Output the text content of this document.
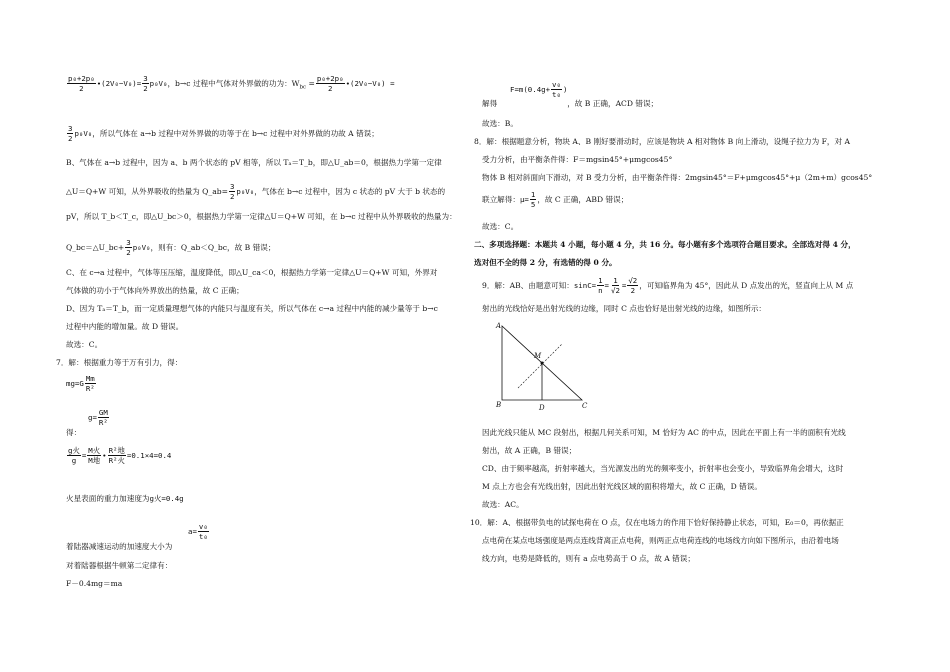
$\frac{\text{p₀+2p₀}}{2}$ •(2V₀−V₀)= $\frac{3}{2} p_0V_0$，b→c 过程中气体对外界做的功为：$W_{bc} = \frac{\text{p₀+2p₀}}{2}$ •(2V₀−V₀) =
$\frac{3}{2} p_0V_0$，所以气体在 a→b 过程中对外界做的功等于在 b→c 过程中对外界做的功故 A 错误；
B、气体在 a→b 过程中，因为 a、b 两个状态的 pV 相等，所以 Tₐ＝T_b，即△U_ab＝0，根据热力学第一定律
△U＝Q+W 可知，从外界吸收的热量为 Q_ab= $\frac{3}{2} p_0V_0$，气体在 b→c 过程中，因为 c 状态的 pV 大于 b 状态的
pV，所以 T_b＜T_c，即△U_bc＞0，根据热力学第一定律△U＝Q+W 可知，在 b→c 过程中从外界吸收的热量为：
Q_bc＝△U_bc+ $\frac{3}{2} p_0V_0$，则有：Q_ab＜Q_bc，故 B 错误；
C、在 c→a 过程中，气体等压压缩，温度降低，即△U_ca＜0，根据热力学第一定律△U＝Q+W 可知，外界对
气体做的功小于气体向外界放出的热量，故 C 正确；
D、因为 Tₐ＝T_b，而一定质量理想气体的内能只与温度有关，所以气体在 c→a 过程中内能的减少量等于 b→c
过程中内能的增加量。故 D 错误。
故选：C。
7．解：根据重力等于万有引力，得：
$mg=G \frac{Mm}{\text{R²}}$
$g= \frac{GM}{\text{R²}}$
得：
$\frac{\text{g火}}{g} = \frac{\text{M火}}{\text{M地}}$ • $\frac{\text{R²地}}{\text{R²火}} =0.1\times 4=0.4$
火星表面的重力加速度为g火=0.4g
$a= \frac{\text{v₀}}{\text{t₀}}$
着陆器减速运动的加速度大小为
对着陆器根据牛顿第二定律有：
F－0.4mg＝ma
$F=m(0.4g+ \frac{\text{v₀}}{\text{t₀}}$ )
解得	，故 B 正确，ACD 错误；
故选：B。
8．解：根据题意分析，物块 A、B 刚好要滑动时，应该是物块 A 相对物体 B 向上滑动，设绳子拉力为 F，对 A
受力分析，由平衡条件得：F＝mgsin45°+μmgcos45°
物体 B 相对斜面向下滑动，对 B 受力分析，由平衡条件得：2mgsin45°＝F+μmgcos45°+μ（2m+m）gcos45°
联立解得：$\mu= \frac{1}{5}$ ，故 C 正确，ABD 错误；
故选：C。
二、多项选择题：本题共 4 小题，每小题 4 分，共 16 分。每小题有多个选项符合题目要求。全部选对得 4 分，
选对但不全的得 2 分，有选错的得 0 分。
9．解：AB、由题意可知：$\sin C= \frac{1}{n} = \frac{1}{√2} = \frac{√2}{2}$ ，可知临界角为 45°，因此从 D 点发出的光，竖直向上从 M 点
射出的光线恰好是出射光线的边缘，同时 C 点也恰好是出射光线的边缘，如图所示：
A
B	C
D
M
因此光线只能从 MC 段射出，根据几何关系可知，M 恰好为 AC 的中点，因此在平面上有一半的面积有光线
射出，故 A 正确，B 错误；
CD、由于频率越高，折射率越大，当光源发出的光的频率变小，折射率也会变小，导致临界角会增大，这时
M 点上方也会有光线出射，因此出射光线区域的面积将增大，故 C 正确，D 错误。
故选：AC。
10．解：A、根据带负电的试探电荷在 O 点，仅在电场力的作用下恰好保持静止状态，可知，E₀＝0，再依据正
点电荷在某点电场强度是两点连线背离正点电荷，则两正点电荷连线的电场线方向如下图所示，由沿着电场
线方向，电势是降低的，则有 a 点电势高于 O 点，故 A 错误；
